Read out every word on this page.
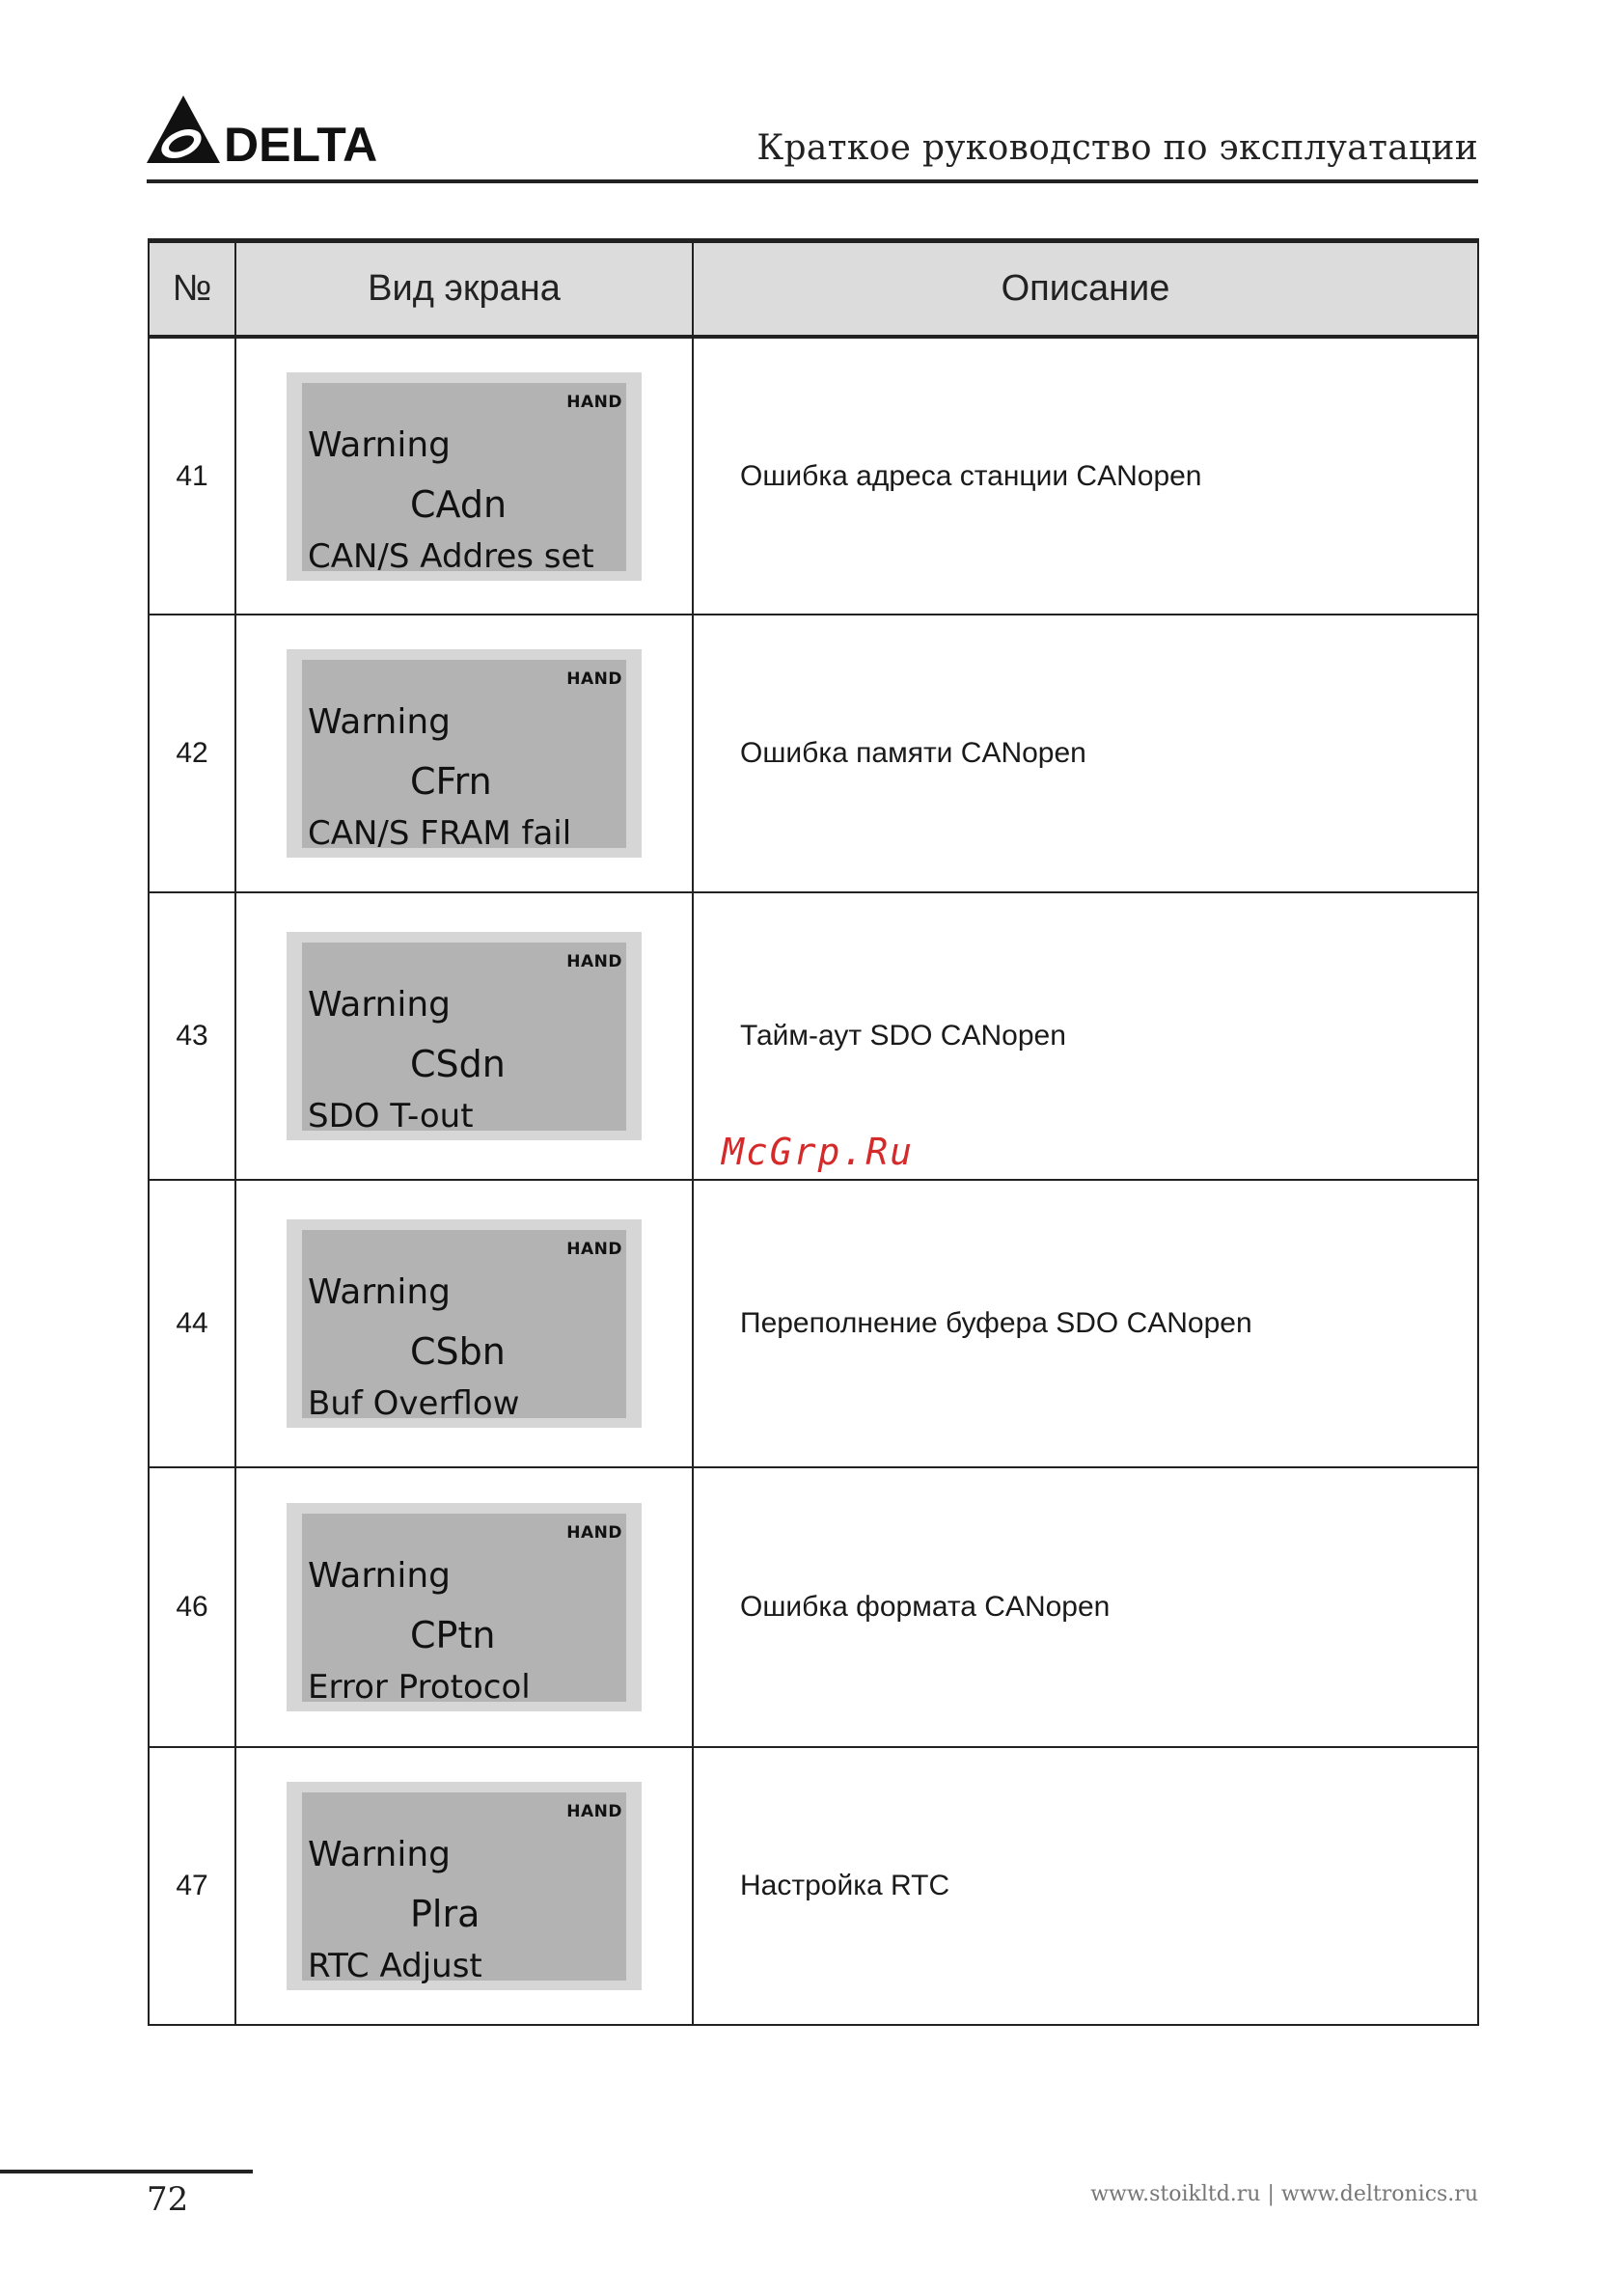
DELTA	Краткое руководство по эксплуатации
№	Вид экрана	Описание
41	HAND
Warning
CAdn
CAN/S Addres set	Ошибка адреса станции CANopen
42	HAND
Warning
CFrn
CAN/S FRAM fail	Ошибка памяти CANopen
43	HAND
Warning
CSdn
SDO T-out	Тайм-аут SDO CANopen
44	HAND
Warning
CSbn
Buf Overflow	Переполнение буфера SDO CANopen
46	HAND
Warning
CPtn
Error Protocol	Ошибка формата CANopen
47	HAND
Warning
Plra
RTC Adjust	Настройка RTC
McGrp.Ru
72	www.stoikltd.ru | www.deltronics.ru
